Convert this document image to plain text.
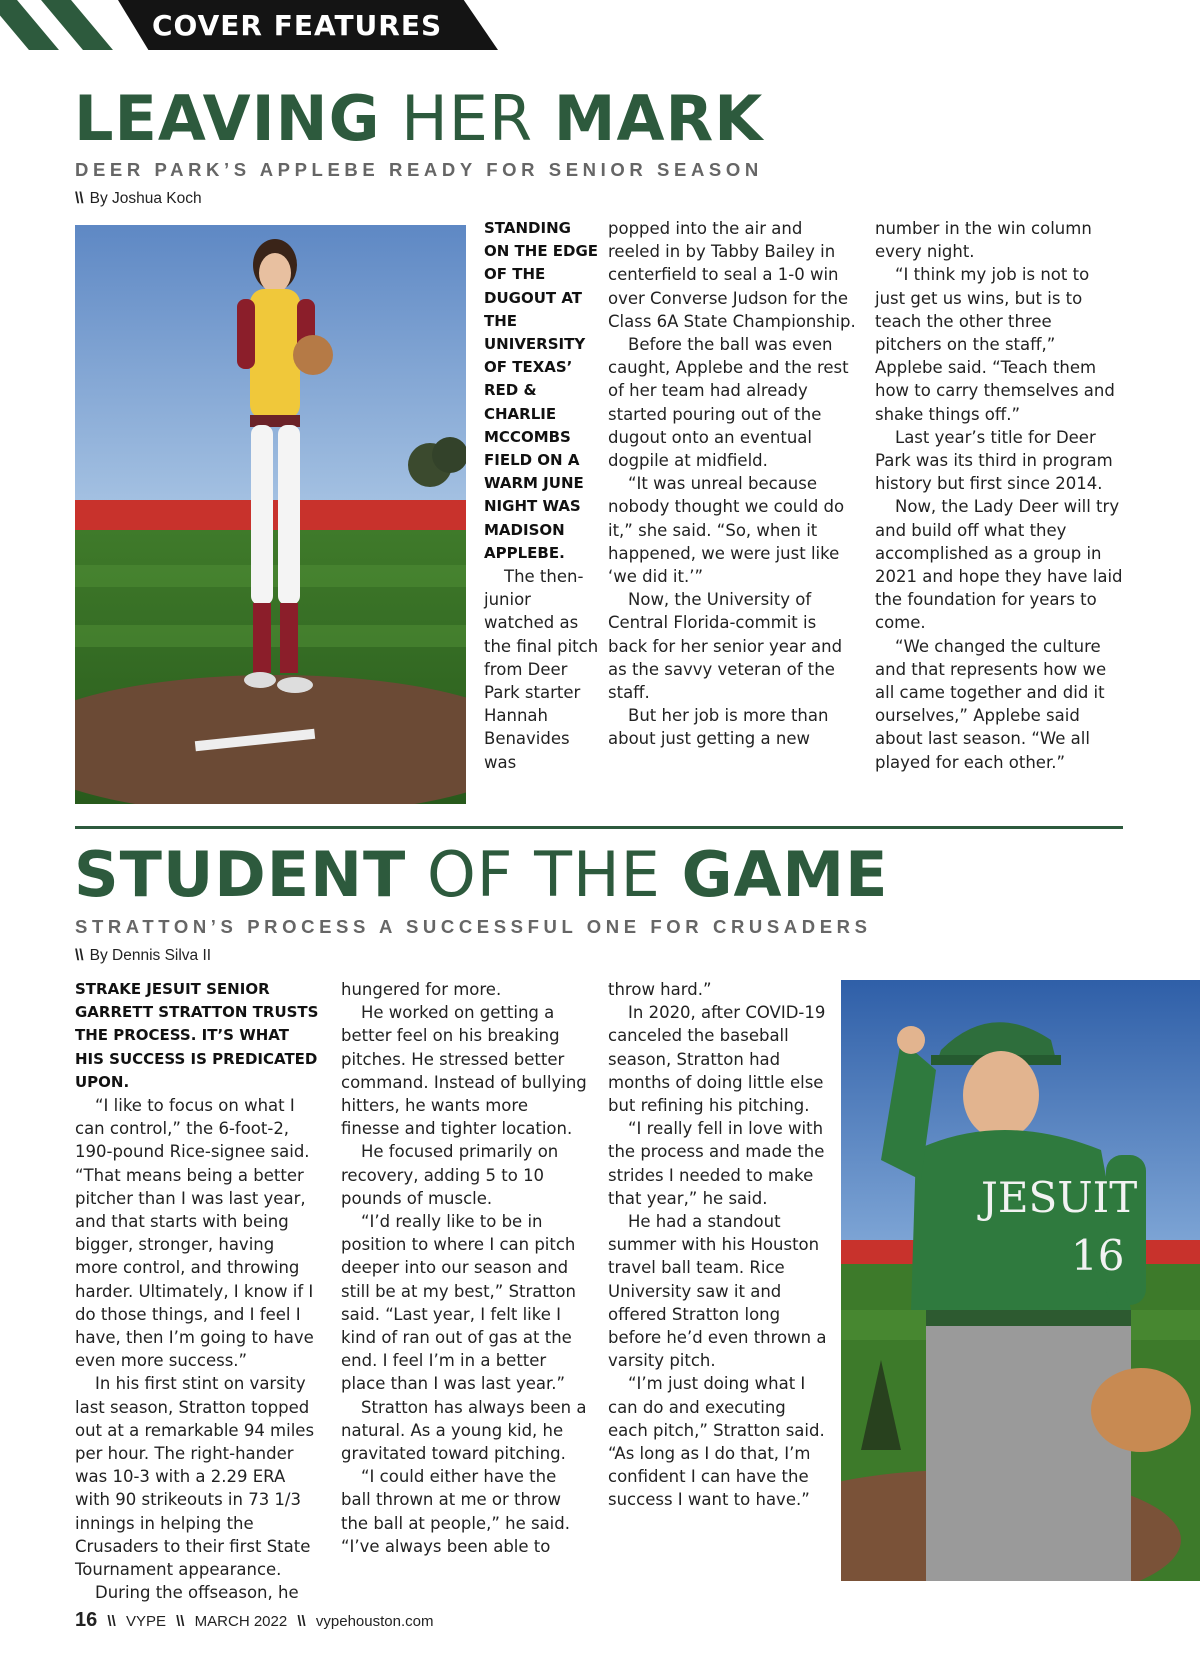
COVER FEATURES
LEAVING HER MARK
DEER PARK’S APPLEBE READY FOR SENIOR SEASON
\\ By Joshua Koch

STANDING ON THE EDGE OF THE DUGOUT AT THE UNIVERSITY OF TEXAS’ RED & CHARLIE MCCOMBS FIELD ON A WARM JUNE NIGHT WAS MADISON APPLEBE.

The then-junior watched as the final pitch from Deer Park starter Hannah Benavides was

popped into the air and reeled in by Tabby Bailey in centerfield to seal a 1-0 win over Converse Judson for the Class 6A State Championship.

Before the ball was even caught, Applebe and the rest of her team had already started pouring out of the dugout onto an eventual dogpile at midfield.

“It was unreal because nobody thought we could do it,” she said. “So, when it happened, we were just like ‘we did it.’”

Now, the University of Central Florida-commit is back for her senior year and as the savvy veteran of the staff.

But her job is more than about just getting a new

number in the win column every night.

“I think my job is not to just get us wins, but is to teach the other three pitchers on the staff,” Applebe said. “Teach them how to carry themselves and shake things off.”

Last year’s title for Deer Park was its third in program history but first since 2014.

Now, the Lady Deer will try and build off what they accomplished as a group in 2021 and hope they have laid the foundation for years to come.

“We changed the culture and that represents how we all came together and did it ourselves,” Applebe said about last season. “We all played for each other.”

STUDENT OF THE GAME
STRATTON’S PROCESS A SUCCESSFUL ONE FOR CRUSADERS
\\ By Dennis Silva II

STRAKE JESUIT SENIOR GARRETT STRATTON TRUSTS THE PROCESS. IT’S WHAT HIS SUCCESS IS PREDICATED UPON.

“I like to focus on what I can control,” the 6-foot-2, 190-pound Rice-signee said. “That means being a better pitcher than I was last year, and that starts with being bigger, stronger, having more control, and throwing harder. Ultimately, I know if I do those things, and I feel I have, then I’m going to have even more success.”

In his first stint on varsity last season, Stratton topped out at a remarkable 94 miles per hour. The right-hander was 10-3 with a 2.29 ERA with 90 strikeouts in 73 1/3 innings in helping the Crusaders to their first State Tournament appearance.

During the offseason, he

hungered for more.

He worked on getting a better feel on his breaking pitches. He stressed better command. Instead of bullying hitters, he wants more finesse and tighter location.

He focused primarily on recovery, adding 5 to 10 pounds of muscle.

“I’d really like to be in position to where I can pitch deeper into our season and still be at my best,” Stratton said. “Last year, I felt like I kind of ran out of gas at the end. I feel I’m in a better place than I was last year.”

Stratton has always been a natural. As a young kid, he gravitated toward pitching.

“I could either have the ball thrown at me or throw the ball at people,” he said. “I’ve always been able to

throw hard.”

In 2020, after COVID-19 canceled the baseball season, Stratton had months of doing little else but refining his pitching.

“I really fell in love with the process and made the strides I needed to make that year,” he said.

He had a standout summer with his Houston travel ball team. Rice University saw it and offered Stratton long before he’d even thrown a varsity pitch.

“I’m just doing what I can do and executing each pitch,” Stratton said. “As long as I do that, I’m confident I can have the success I want to have.”

JESUIT
16
16 \\ VYPE \\ MARCH 2022 \\ vypehouston.com
